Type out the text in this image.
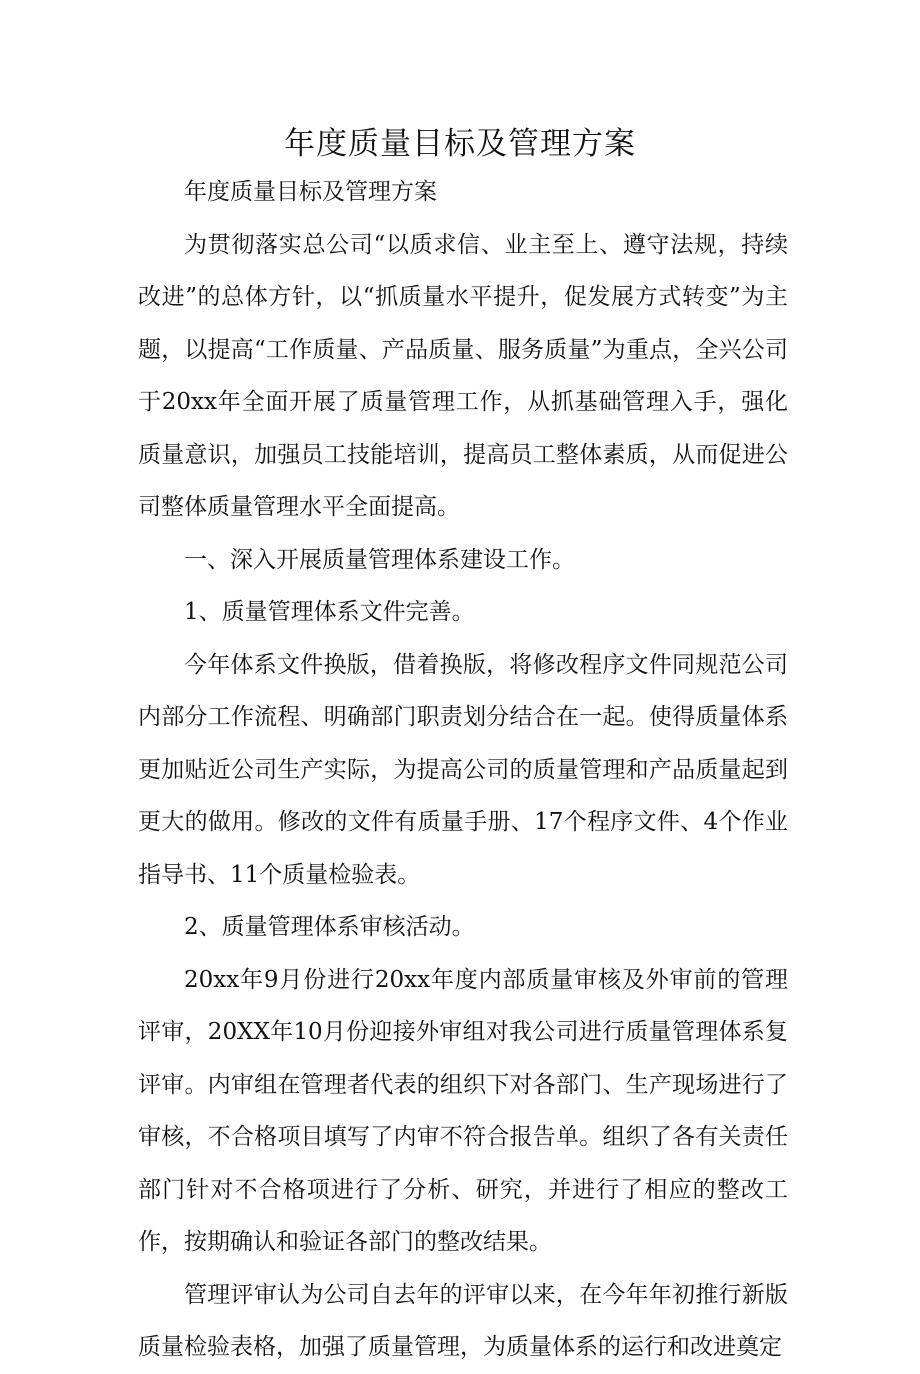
年度质量目标及管理方案

年度质量目标及管理方案

为贯彻落实总公司“以质求信、业主至上、遵守法规，持续改进”的总体方针，以“抓质量水平提升，促发展方式转变”为主题，以提高“工作质量、产品质量、服务质量”为重点，全兴公司于20xx年全面开展了质量管理工作，从抓基础管理入手，强化质量意识，加强员工技能培训，提高员工整体素质，从而促进公司整体质量管理水平全面提高。

一、深入开展质量管理体系建设工作。

1、质量管理体系文件完善。

今年体系文件换版，借着换版，将修改程序文件同规范公司内部分工作流程、明确部门职责划分结合在一起。使得质量体系更加贴近公司生产实际，为提高公司的质量管理和产品质量起到更大的做用。修改的文件有质量手册、17个程序文件、4个作业指导书、11个质量检验表。

2、质量管理体系审核活动。

20xx年9月份进行20xx年度内部质量审核及外审前的管理评审，20XX年10月份迎接外审组对我公司进行质量管理体系复评审。内审组在管理者代表的组织下对各部门、生产现场进行了审核，不合格项目填写了内审不符合报告单。组织了各有关责任部门针对不合格项进行了分析、研究，并进行了相应的整改工作，按期确认和验证各部门的整改结果。

管理评审认为公司自去年的评审以来，在今年年初推行新版质量检验表格，加强了质量管理，为质量体系的运行和改进奠定
